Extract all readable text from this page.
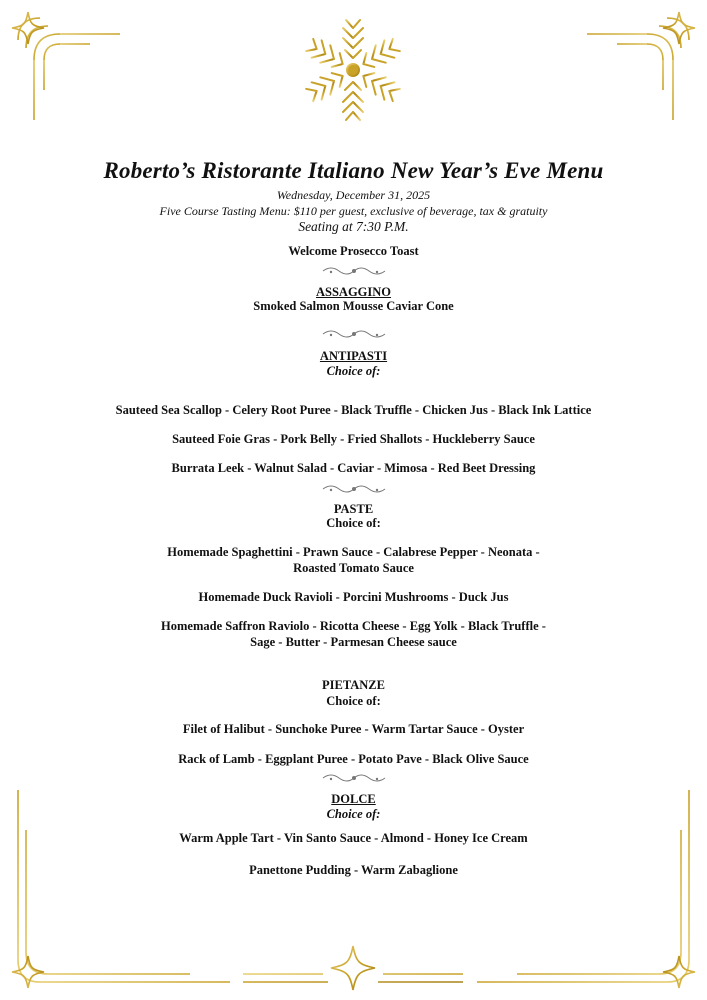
Roberto’s Ristorante Italiano New Year’s Eve Menu
Wednesday, December 31, 2025
Five Course Tasting Menu: $110 per guest, exclusive of beverage, tax & gratuity
Seating at 7:30 P.M.
Welcome Prosecco Toast
ASSAGGINO
Smoked Salmon Mousse Caviar Cone
ANTIPASTI
Choice of:
Sauteed Sea Scallop - Celery Root Puree - Black Truffle - Chicken Jus - Black Ink Lattice
Sauteed Foie Gras - Pork Belly - Fried Shallots - Huckleberry Sauce
Burrata Leek - Walnut Salad - Caviar - Mimosa - Red Beet Dressing
PASTE
Choice of:
Homemade Spaghettini - Prawn Sauce - Calabrese Pepper - Neonata -
Roasted Tomato Sauce
Homemade Duck Ravioli - Porcini Mushrooms - Duck Jus
Homemade Saffron Raviolo - Ricotta Cheese - Egg Yolk - Black Truffle -
Sage - Butter - Parmesan Cheese sauce
PIETANZE
Choice of:
Filet of Halibut - Sunchoke Puree - Warm Tartar Sauce - Oyster
Rack of Lamb - Eggplant Puree - Potato Pave - Black Olive Sauce
DOLCE
Choice of:
Warm Apple Tart - Vin Santo Sauce - Almond - Honey Ice Cream
Panettone Pudding - Warm Zabaglione
